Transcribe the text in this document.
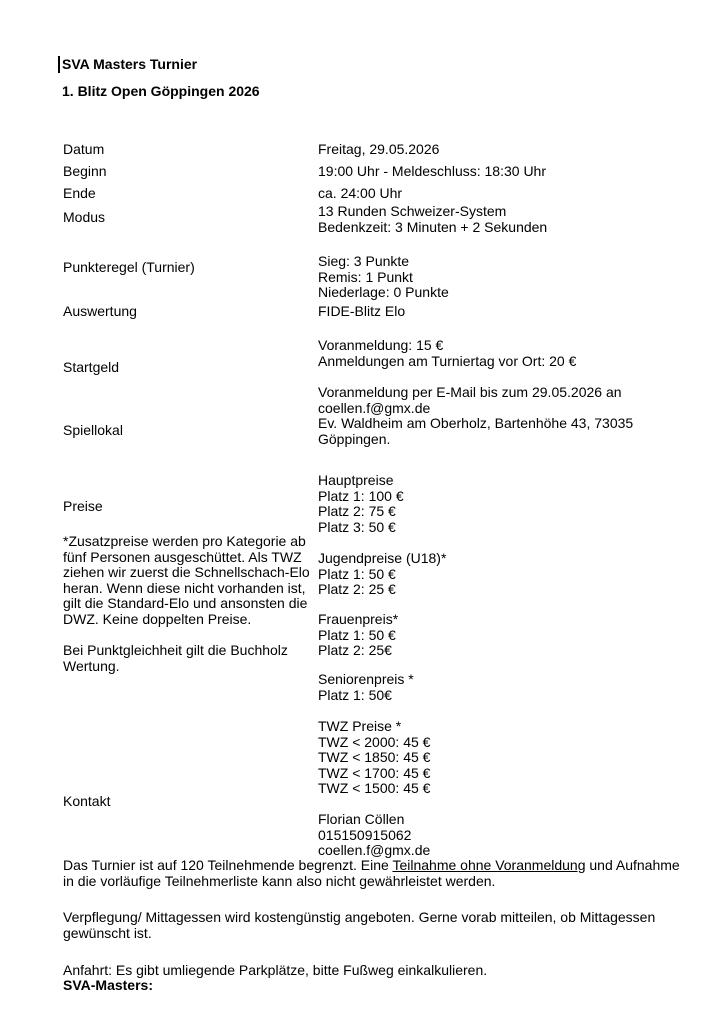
SVA Masters Turnier
1. Blitz Open Göppingen 2026
Datum
Beginn
Ende
Modus
Punkteregel (Turnier)
Auswertung
Startgeld
Spiellokal
Preise
Kontakt
Freitag, 29.05.2026
19:00 Uhr - Meldeschluss: 18:30 Uhr
ca. 24:00 Uhr
13 Runden Schweizer-System
Bedenkzeit: 3 Minuten + 2 Sekunden
Sieg: 3 Punkte
Remis: 1 Punkt
Niederlage: 0 Punkte
FIDE-Blitz Elo
Voranmeldung: 15 €
Anmeldungen am Turniertag vor Ort: 20 €
Voranmeldung per E-Mail bis zum 29.05.2026 an
coellen.f@gmx.de
Ev. Waldheim am Oberholz, Bartenhöhe 43, 73035
Göppingen.
Hauptpreise
Platz 1: 100 €
Platz 2: 75 €
Platz 3: 50 €
Jugendpreise (U18)*
Platz 1: 50 €
Platz 2: 25 €
Frauenpreis*
Platz 1: 50 €
Platz 2: 25€
Seniorenpreis *
Platz 1: 50€
TWZ Preise *
TWZ < 2000: 45 €
TWZ < 1850: 45 €
TWZ < 1700: 45 €
TWZ < 1500: 45 €
*Zusatzpreise werden pro Kategorie ab
fünf Personen ausgeschüttet. Als TWZ
ziehen wir zuerst die Schnellschach-Elo
heran. Wenn diese nicht vorhanden ist,
gilt die Standard-Elo und ansonsten die
DWZ. Keine doppelten Preise.
Bei Punktgleichheit gilt die Buchholz
Wertung.
Florian Cöllen
015150915062
coellen.f@gmx.de
Das Turnier ist auf 120 Teilnehmende begrenzt. Eine Teilnahme ohne Voranmeldung und Aufnahme
in die vorläufige Teilnehmerliste kann also nicht gewährleistet werden.
Verpflegung/ Mittagessen wird kostengünstig angeboten. Gerne vorab mitteilen, ob Mittagessen
gewünscht ist.
Anfahrt: Es gibt umliegende Parkplätze, bitte Fußweg einkalkulieren.
SVA-Masters:
